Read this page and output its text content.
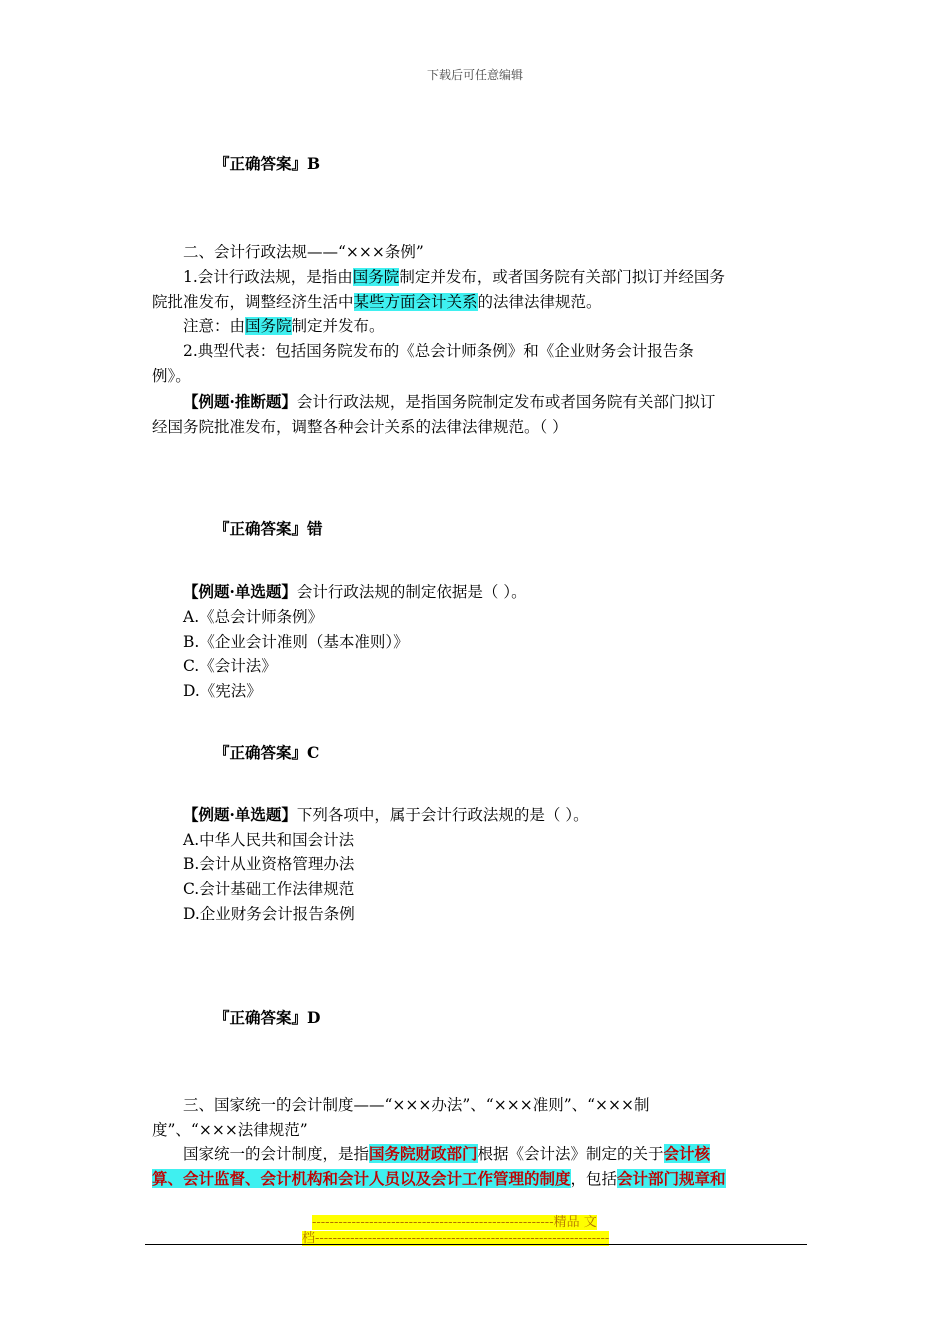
下载后可任意编辑
『正确答案』B
二、会计行政法规——“×××条例”
1.会计行政法规，是指由国务院制定并发布，或者国务院有关部门拟订并经国务
院批准发布，调整经济生活中某些方面会计关系的法律法律规范。
注意：由国务院制定并发布。
2.典型代表：包括国务院发布的《总会计师条例》和《企业财务会计报告条
例》。
【例题·推断题】会计行政法规，是指国务院制定发布或者国务院有关部门拟订
经国务院批准发布，调整各种会计关系的法律法律规范。（ ）
『正确答案』错
【例题·单选题】会计行政法规的制定依据是（ ）。
A.《总会计师条例》
B.《企业会计准则（基本准则）》
C.《会计法》
D.《宪法》
『正确答案』C
【例题·单选题】下列各项中，属于会计行政法规的是（ ）。
A.中华人民共和国会计法
B.会计从业资格管理办法
C.会计基础工作法律规范
D.企业财务会计报告条例
『正确答案』D
三、国家统一的会计制度——“×××办法”、“×××准则”、“×××制
度”、“×××法律规范”
国家统一的会计制度，是指国务院财政部门根据《会计法》制定的关于会计核
算、会计监督、会计机构和会计人员以及会计工作管理的制度，包括会计部门规章和
-------------------------------------------------------精品 文
档-------------------------------------------------------------------
